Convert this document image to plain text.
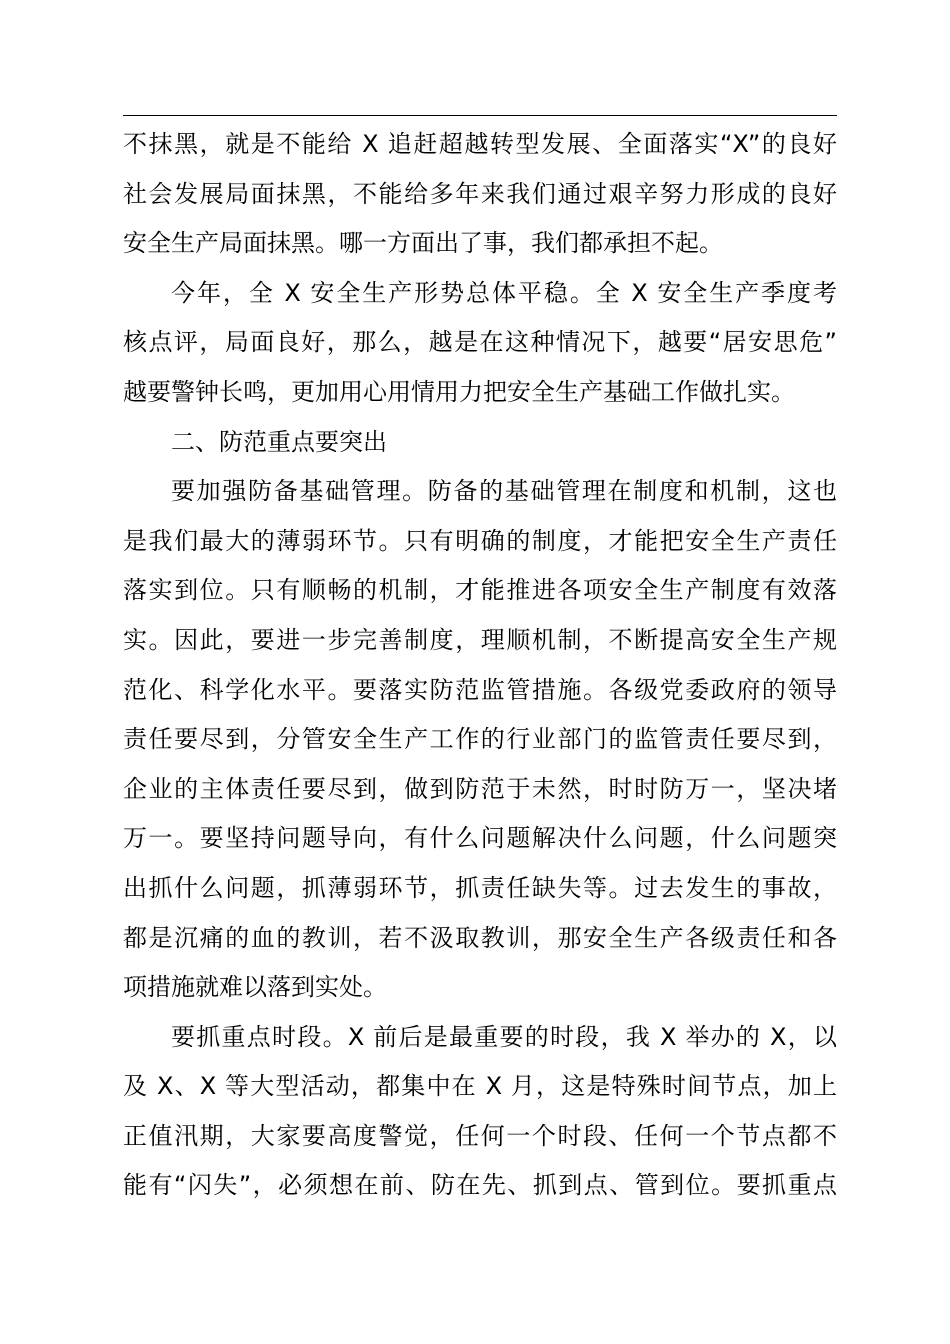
不抹黑，就是不能给 X 追赶超越转型发展、全面落实“X”的良好
社会发展局面抹黑，不能给多年来我们通过艰辛努力形成的良好
安全生产局面抹黑。哪一方面出了事，我们都承担不起。
今年，全 X 安全生产形势总体平稳。全 X 安全生产季度考
核点评，局面良好，那么，越是在这种情况下，越要“居安思危”
越要警钟长鸣，更加用心用情用力把安全生产基础工作做扎实。
二、防范重点要突出
要加强防备基础管理。防备的基础管理在制度和机制，这也
是我们最大的薄弱环节。只有明确的制度，才能把安全生产责任
落实到位。只有顺畅的机制，才能推进各项安全生产制度有效落
实。因此，要进一步完善制度，理顺机制，不断提高安全生产规
范化、科学化水平。要落实防范监管措施。各级党委政府的领导
责任要尽到，分管安全生产工作的行业部门的监管责任要尽到，
企业的主体责任要尽到，做到防范于未然，时时防万一，坚决堵
万一。要坚持问题导向，有什么问题解决什么问题，什么问题突
出抓什么问题，抓薄弱环节，抓责任缺失等。过去发生的事故，
都是沉痛的血的教训，若不汲取教训，那安全生产各级责任和各
项措施就难以落到实处。
要抓重点时段。X 前后是最重要的时段，我 X 举办的 X，以
及 X、X 等大型活动，都集中在 X 月，这是特殊时间节点，加上
正值汛期，大家要高度警觉，任何一个时段、任何一个节点都不
能有“闪失”，必须想在前、防在先、抓到点、管到位。要抓重点
